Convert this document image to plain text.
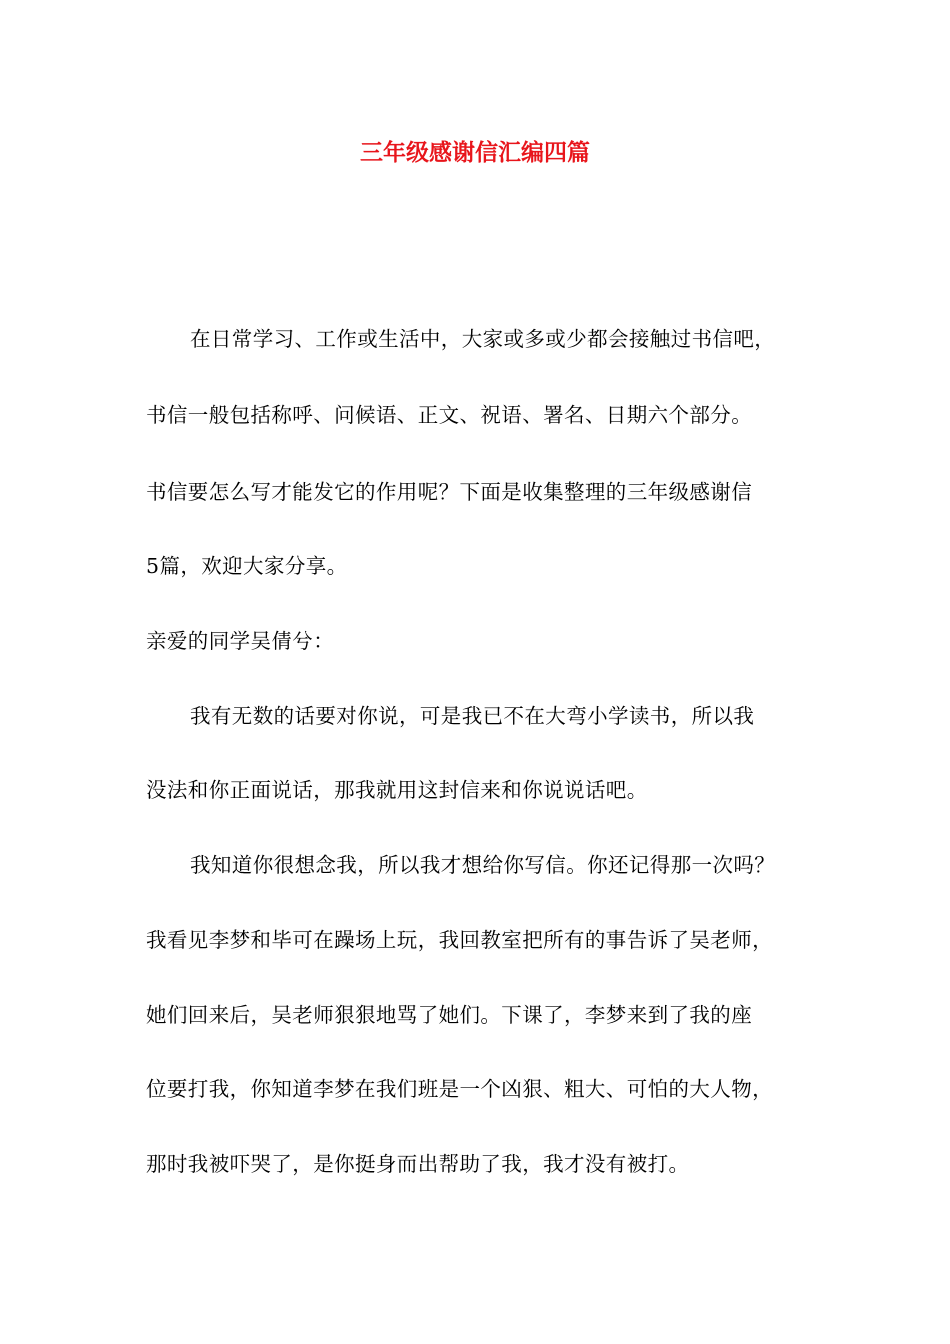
三年级感谢信汇编四篇
在日常学习、工作或生活中，大家或多或少都会接触过书信吧，
书信一般包括称呼、问候语、正文、祝语、署名、日期六个部分。
书信要怎么写才能发它的作用呢？下面是收集整理的三年级感谢信
5篇，欢迎大家分享。
亲爱的同学吴倩兮：
我有无数的话要对你说，可是我已不在大弯小学读书，所以我
没法和你正面说话，那我就用这封信来和你说说话吧。
我知道你很想念我，所以我才想给你写信。你还记得那一次吗？
我看见李梦和毕可在躁场上玩，我回教室把所有的事告诉了吴老师，
她们回来后，吴老师狠狠地骂了她们。下课了，李梦来到了我的座
位要打我，你知道李梦在我们班是一个凶狠、粗大、可怕的大人物，
那时我被吓哭了，是你挺身而出帮助了我，我才没有被打。
